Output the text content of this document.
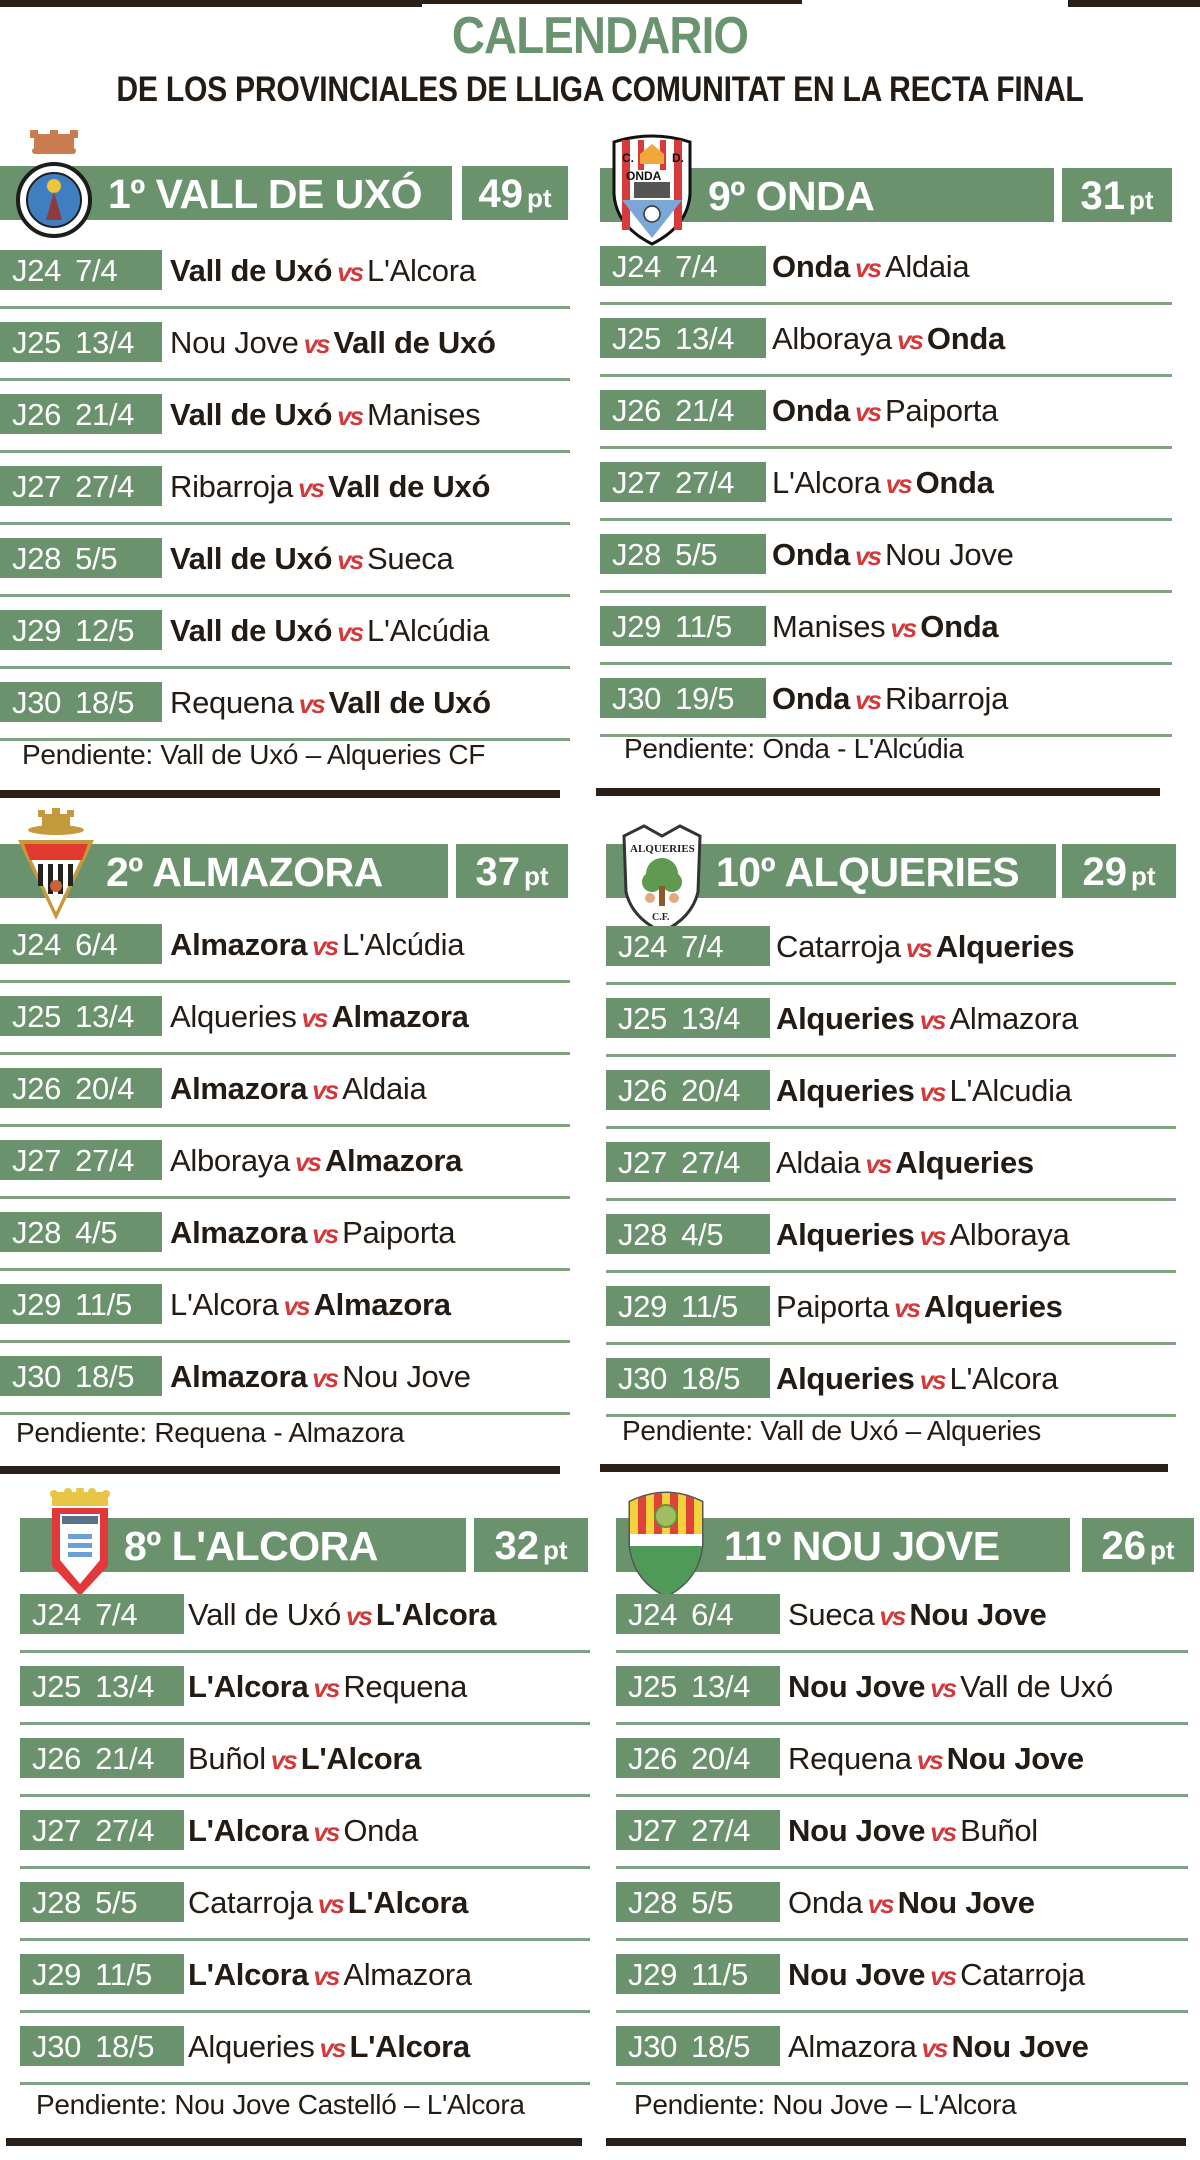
CALENDARIO
DE LOS PROVINCIALES DE LLIGA COMUNITAT EN LA RECTA FINAL
1º VALL DE UXÓ	49 pt
J24 7/4	Vall de Uxó vs L'Alcora
J25 13/4	Nou Jove vs Vall de Uxó
J26 21/4	Vall de Uxó vs Manises
J27 27/4	Ribarroja vs Vall de Uxó
J28 5/5	Vall de Uxó vs Sueca
J29 12/5	Vall de Uxó vs L'Alcúdia
J30 18/5	Requena vs Vall de Uxó
Pendiente: Vall de Uxó – Alqueries CF
9º ONDA	31 pt
C.	D.
ONDA
J24 7/4	Onda vs Aldaia
J25 13/4	Alboraya vs Onda
J26 21/4	Onda vs Paiporta
J27 27/4	L'Alcora vs Onda
J28 5/5	Onda vs Nou Jove
J29 11/5	Manises vs Onda
J30 19/5	Onda vs Ribarroja
Pendiente: Onda - L'Alcúdia
2º ALMAZORA	37 pt
J24 6/4	Almazora vs L'Alcúdia
J25 13/4	Alqueries vs Almazora
J26 20/4	Almazora vs Aldaia
J27 27/4	Alboraya vs Almazora
J28 4/5	Almazora vs Paiporta
J29 11/5	L'Alcora vs Almazora
J30 18/5	Almazora vs Nou Jove
Pendiente: Requena - Almazora
10º ALQUERIES	29 pt
ALQUERIES
C.F.
J24 7/4	Catarroja vs Alqueries
J25 13/4	Alqueries vs Almazora
J26 20/4	Alqueries vs L'Alcudia
J27 27/4	Aldaia vs Alqueries
J28 4/5	Alqueries vs Alboraya
J29 11/5	Paiporta vs Alqueries
J30 18/5	Alqueries vs L'Alcora
Pendiente: Vall de Uxó – Alqueries
8º L'ALCORA	32 pt
J24 7/4	Vall de Uxó vs L'Alcora
J25 13/4	L'Alcora vs Requena
J26 21/4	Buñol vs L'Alcora
J27 27/4	L'Alcora vs Onda
J28 5/5	Catarroja vs L'Alcora
J29 11/5	L'Alcora vs Almazora
J30 18/5	Alqueries vs L'Alcora
Pendiente: Nou Jove Castelló – L'Alcora
11º NOU JOVE	26 pt
J24 6/4	Sueca vs Nou Jove
J25 13/4	Nou Jove vs Vall de Uxó
J26 20/4	Requena vs Nou Jove
J27 27/4	Nou Jove vs Buñol
J28 5/5	Onda vs Nou Jove
J29 11/5	Nou Jove vs Catarroja
J30 18/5	Almazora vs Nou Jove
Pendiente: Nou Jove – L'Alcora
